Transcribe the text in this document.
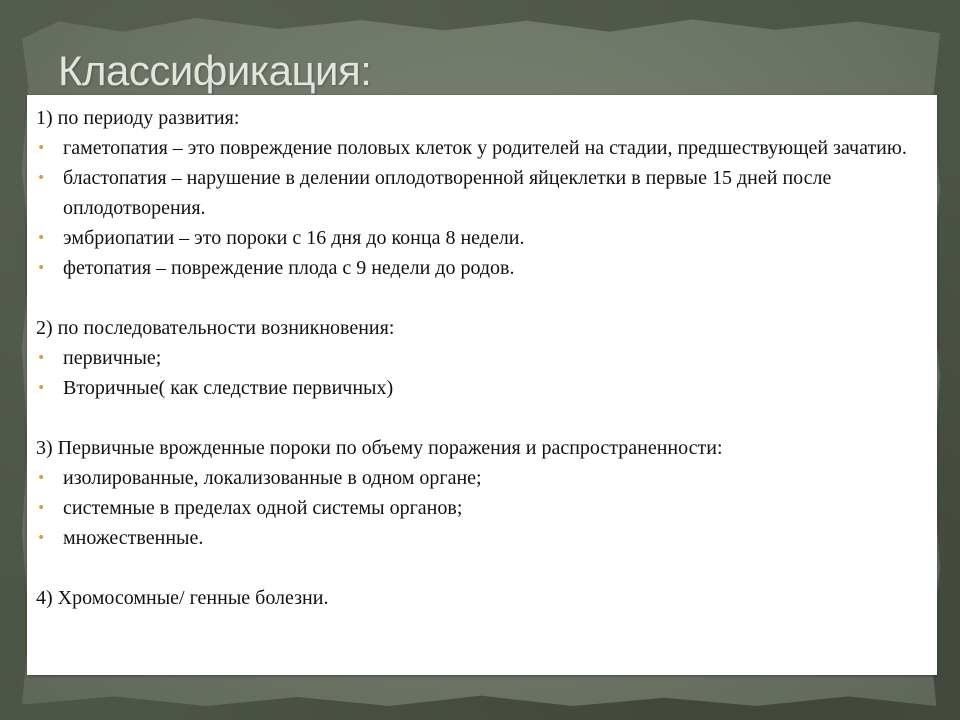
Классификация:
1) по периоду развития:
• гаметопатия – это повреждение половых клеток у родителей на стадии, предшествующей зачатию.
• бластопатия – нарушение в делении оплодотворенной яйцеклетки в первые 15 дней после оплодотворения.
• эмбриопатии – это пороки с 16 дня до конца 8 недели.
• фетопатия – повреждение плода с 9 недели до родов.
2) по последовательности возникновения:
• первичные;
• Вторичные( как следствие первичных)
3) Первичные врожденные пороки по объему поражения и распространенности:
• изолированные, локализованные в одном органе;
• системные в пределах одной системы органов;
• множественные.
4) Хромосомные/ генные болезни.
